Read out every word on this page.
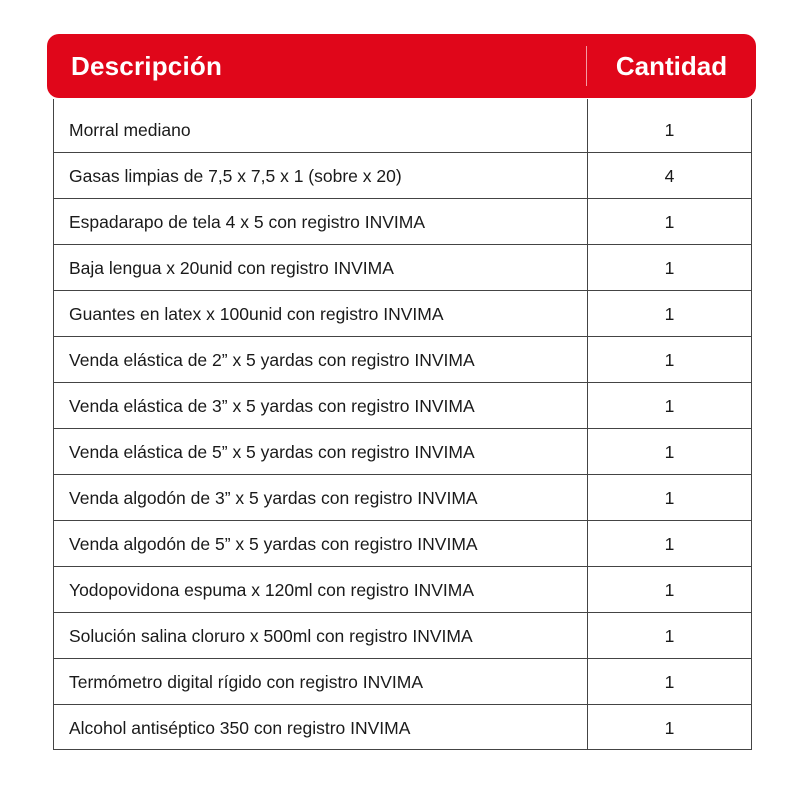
Descripción	Cantidad
Morral mediano	1
Gasas limpias de 7,5 x 7,5 x 1 (sobre x 20)	4
Espadarapo de tela 4 x 5 con registro INVIMA	1
Baja lengua x 20unid con registro INVIMA	1
Guantes en latex x 100unid con registro INVIMA	1
Venda elástica de 2” x 5 yardas con registro INVIMA	1
Venda elástica de 3” x 5 yardas con registro INVIMA	1
Venda elástica de 5” x 5 yardas con registro INVIMA	1
Venda algodón de 3” x 5 yardas con registro INVIMA	1
Venda algodón de 5” x 5 yardas con registro INVIMA	1
Yodopovidona espuma x 120ml con registro INVIMA	1
Solución salina cloruro x 500ml con registro INVIMA	1
Termómetro digital rígido con registro INVIMA	1
Alcohol antiséptico 350 con registro INVIMA	1
